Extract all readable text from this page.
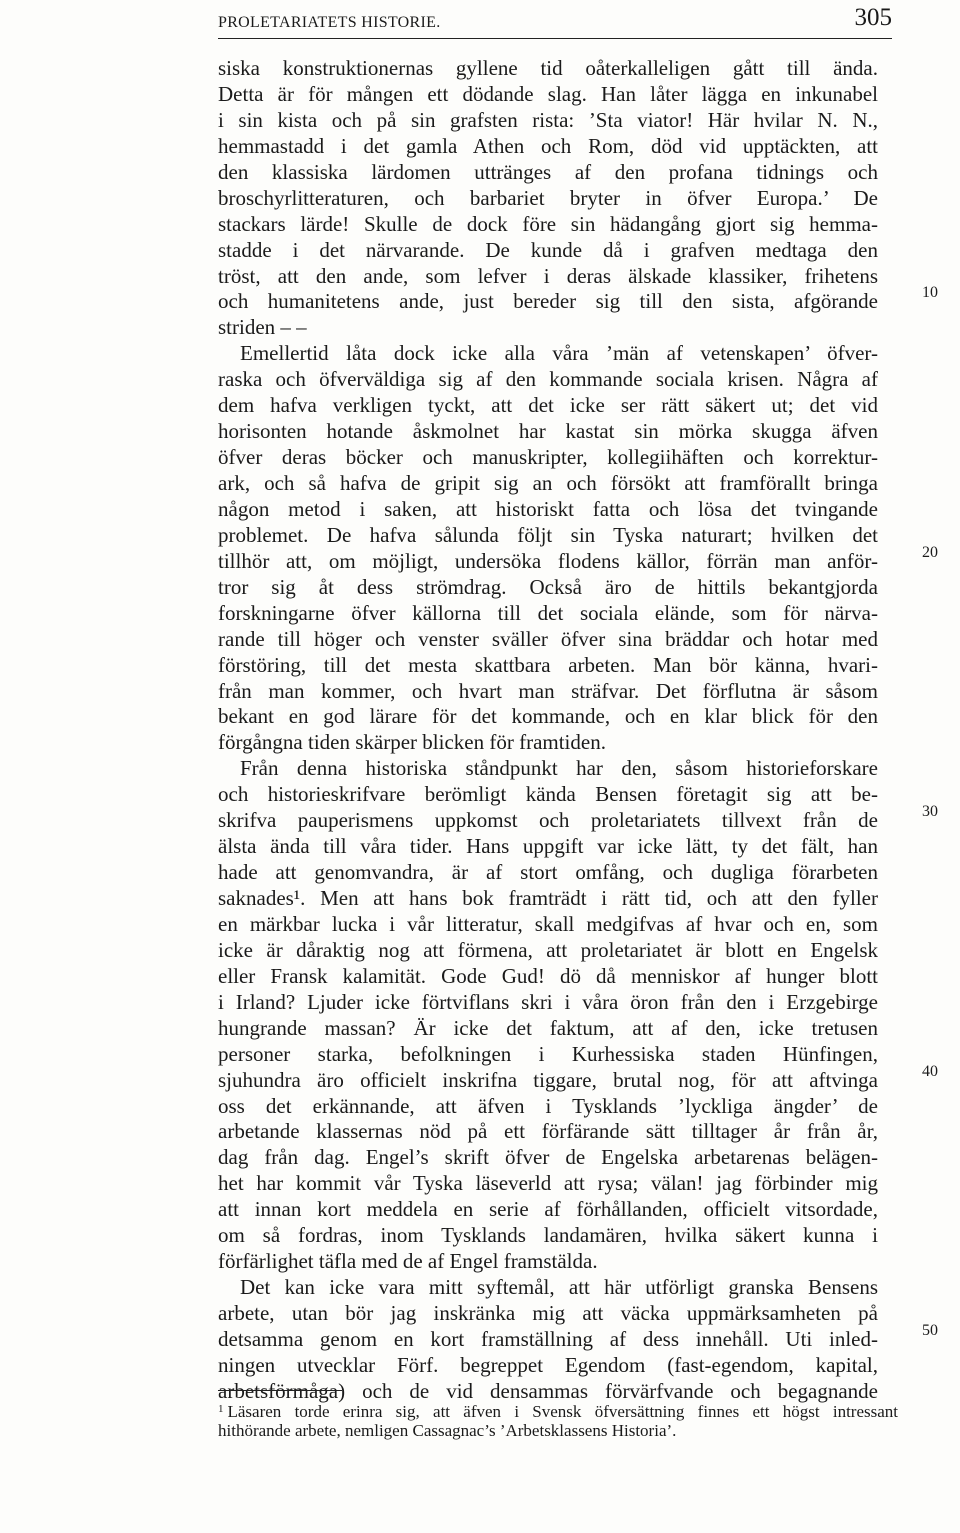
PROLETARIATETS HISTORIE.	305
siska konstruktionernas gyllene tid oåterkalleligen gått till ända.
Detta är för mången ett dödande slag. Han låter lägga en inkunabel
i sin kista och på sin grafsten rista: ’Sta viator! Här hvilar N. N.,
hemmastadd i det gamla Athen och Rom, död vid upptäckten, att
den klassiska lärdomen uttränges af den profana tidnings och
broschyrlitteraturen, och barbariet bryter in öfver Europa.’ De
stackars lärde! Skulle de dock före sin hädangång gjort sig hemma-
stadde i det närvarande. De kunde då i grafven medtaga den
tröst, att den ande, som lefver i deras älskade klassiker, frihetens
och humanitetens ande, just bereder sig till den sista, afgörande
striden – –
Emellertid låta dock icke alla våra ’män af vetenskapen’ öfver-
raska och öfverväldiga sig af den kommande sociala krisen. Några af
dem hafva verkligen tyckt, att det icke ser rätt säkert ut; det vid
horisonten hotande åskmolnet har kastat sin mörka skugga äfven
öfver deras böcker och manuskripter, kollegiihäften och korrektur-
ark, och så hafva de gripit sig an och försökt att framförallt bringa
någon metod i saken, att historiskt fatta och lösa det tvingande
problemet. De hafva sålunda följt sin Tyska naturart; hvilken det
tillhör att, om möjligt, undersöka flodens källor, förrän man anför-
tror sig åt dess strömdrag. Också äro de hittils bekantgjorda
forskningarne öfver källorna till det sociala elände, som för närva-
rande till höger och venster sväller öfver sina bräddar och hotar med
förstöring, till det mesta skattbara arbeten. Man bör känna, hvari-
från man kommer, och hvart man sträfvar. Det förflutna är såsom
bekant en god lärare för det kommande, och en klar blick för den
förgångna tiden skärper blicken för framtiden.
Från denna historiska ståndpunkt har den, såsom historieforskare
och historieskrifvare berömligt kända Bensen företagit sig att be-
skrifva pauperismens uppkomst och proletariatets tillvext från de
älsta ända till våra tider. Hans uppgift var icke lätt, ty det fält, han
hade att genomvandra, är af stort omfång, och dugliga förarbeten
saknades¹. Men att hans bok framträdt i rätt tid, och att den fyller
en märkbar lucka i vår litteratur, skall medgifvas af hvar och en, som
icke är dåraktig nog att förmena, att proletariatet är blott en Engelsk
eller Fransk kalamität. Gode Gud! dö då menniskor af hunger blott
i Irland? Ljuder icke förtviflans skri i våra öron från den i Erzgebirge
hungrande massan? Är icke det faktum, att af den, icke tretusen
personer starka, befolkningen i Kurhessiska staden Hünfingen,
sjuhundra äro officielt inskrifna tiggare, brutal nog, för att aftvinga
oss det erkännande, att äfven i Tysklands ’lyckliga ängder’ de
arbetande klassernas nöd på ett förfärande sätt tilltager år från år,
dag från dag. Engel’s skrift öfver de Engelska arbetarenas belägen-
het har kommit vår Tyska läseverld att rysa; välan! jag förbinder mig
att innan kort meddela en serie af förhållanden, officielt vitsordade,
om så fordras, inom Tysklands landamären, hvilka säkert kunna i
förfärlighet täfla med de af Engel framstälda.
Det kan icke vara mitt syftemål, att här utförligt granska Bensens
arbete, utan bör jag inskränka mig att väcka uppmärksamheten på
detsamma genom en kort framställning af dess innehåll. Uti inled-
ningen utvecklar Förf. begreppet Egendom (fast-egendom, kapital,
arbetsförmåga) och de vid densammas förvärfvande och begagnande
10
20
30
40
50
$^1$ Läsaren torde erinra sig, att äfven i Svensk öfversättning finnes ett högst intressant
hithörande arbete, nemligen Cassagnac’s ’Arbetsklassens Historia’.
